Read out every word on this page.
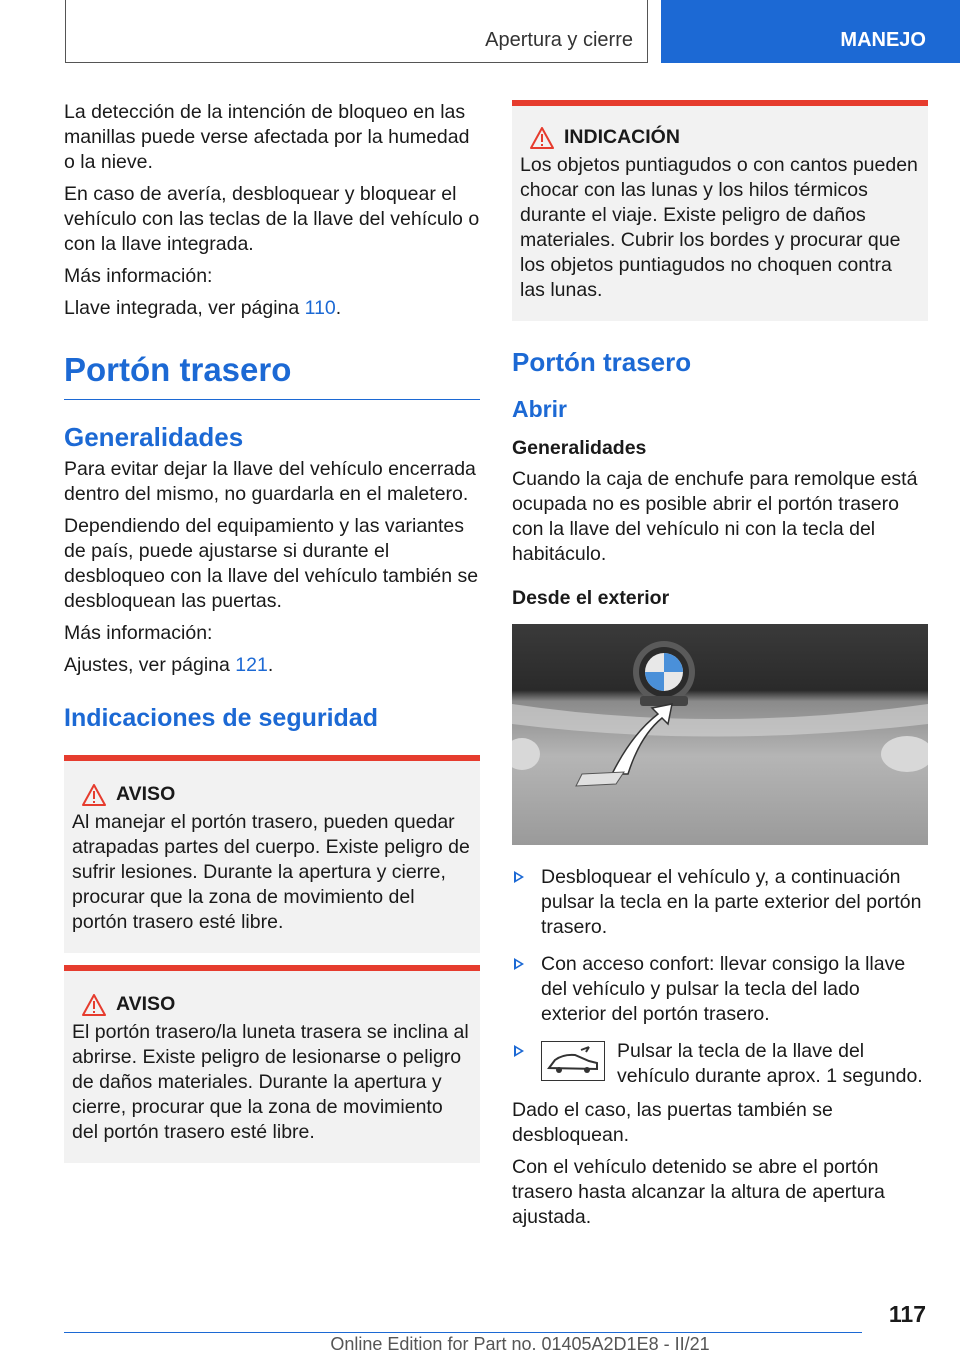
Apertura y cierre	MANEJO

La detección de la intención de bloqueo en las manillas puede verse afectada por la humedad o la nieve.

En caso de avería, desbloquear y bloquear el vehículo con las teclas de la llave del vehículo o con la llave integrada.

Más información:

Llave integrada, ver página 110.

Portón trasero
Generalidades

Para evitar dejar la llave del vehículo encerrada dentro del mismo, no guardarla en el maletero.

Dependiendo del equipamiento y las variantes de país, puede ajustarse si durante el desbloqueo con la llave del vehículo también se desbloquean las puertas.

Más información:

Ajustes, ver página 121.

Indicaciones de seguridad
AVISO

Al manejar el portón trasero, pueden quedar atrapadas partes del cuerpo. Existe peligro de sufrir lesiones. Durante la apertura y cierre, procurar que la zona de movimiento del portón trasero esté libre.

AVISO

El portón trasero/la luneta trasera se inclina al abrirse. Existe peligro de lesionarse o peligro de daños materiales. Durante la apertura y cierre, procurar que la zona de movimiento del portón trasero esté libre.

INDICACIÓN

Los objetos puntiagudos o con cantos pueden chocar con las lunas y los hilos térmicos durante el viaje. Existe peligro de daños materiales. Cubrir los bordes y procurar que los objetos puntiagudos no choquen contra las lunas.

Portón trasero
Abrir
Generalidades

Cuando la caja de enchufe para remolque está ocupada no es posible abrir el portón trasero con la llave del vehículo ni con la tecla del habitáculo.

Desde el exterior
Desbloquear el vehículo y, a continuación pulsar la tecla en la parte exterior del portón trasero.
Con acceso confort: llevar consigo la llave del vehículo y pulsar la tecla del lado exterior del portón trasero.
Pulsar la tecla de la llave del vehículo durante aprox. 1 segundo.

Dado el caso, las puertas también se desbloquean.

Con el vehículo detenido se abre el portón trasero hasta alcanzar la altura de apertura ajustada.

117
Online Edition for Part no. 01405A2D1E8 - II/21
